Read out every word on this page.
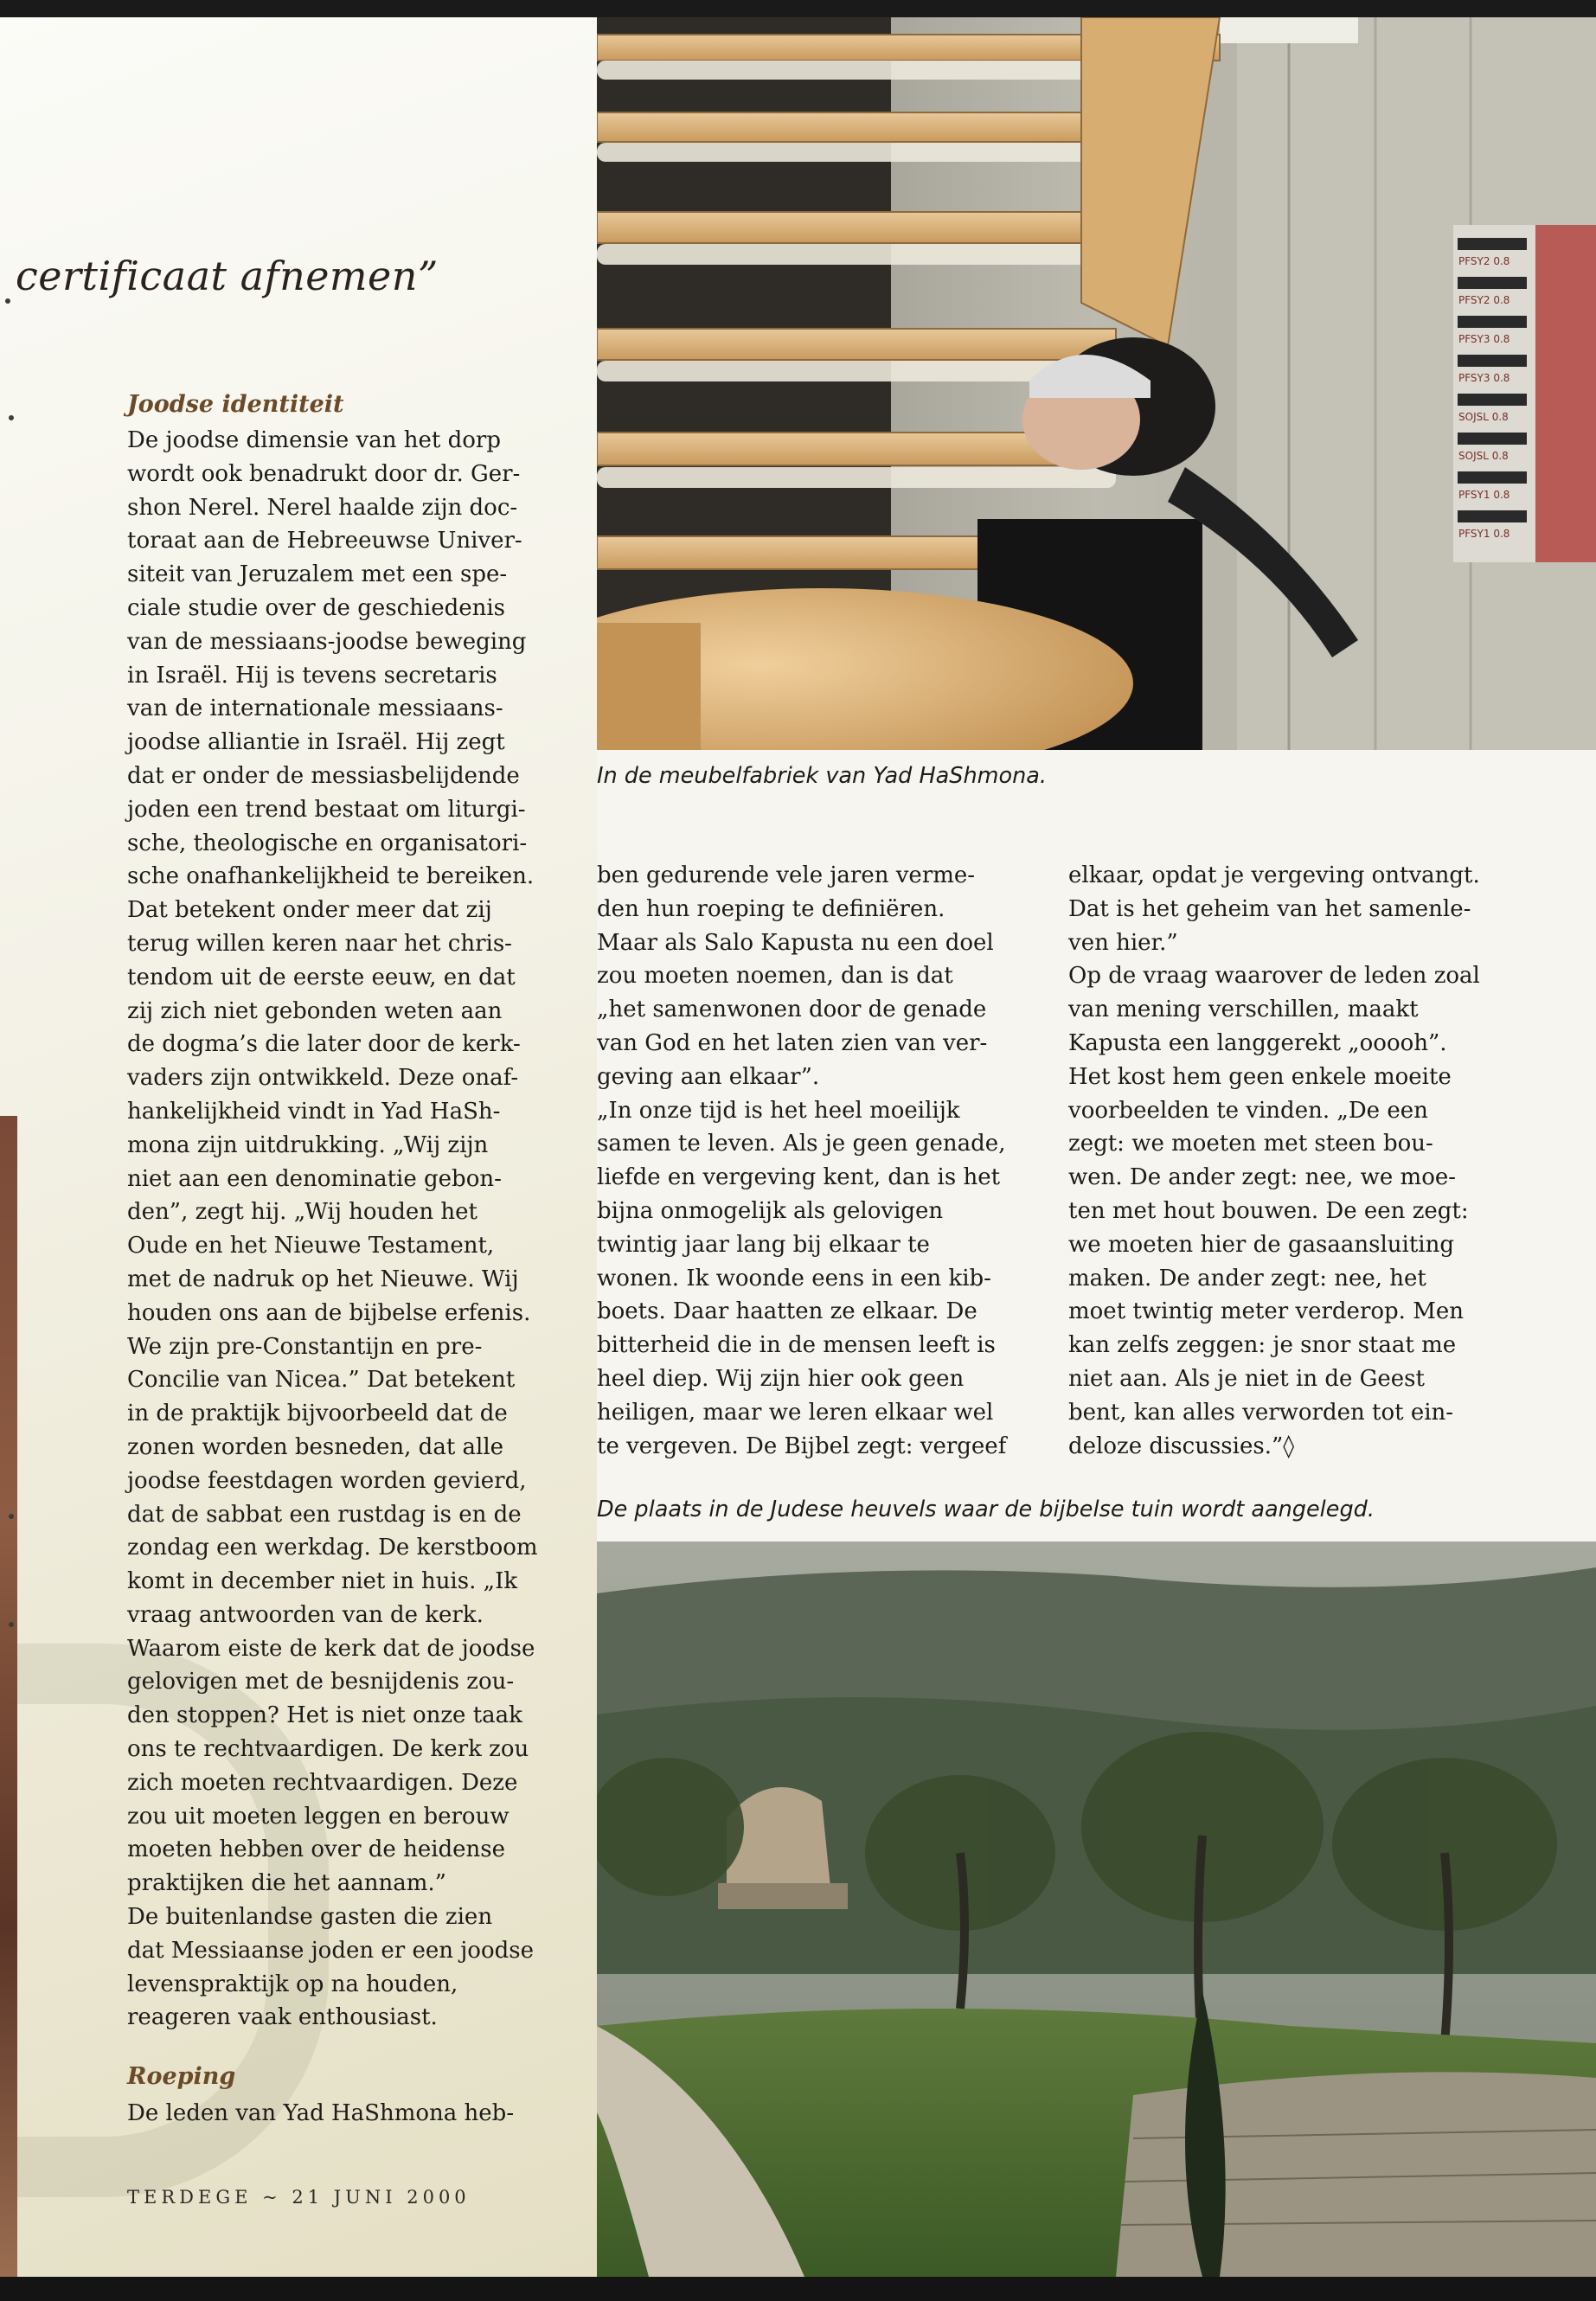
certificaat afnemen”
Joodse identiteit
De joodse dimensie van het dorp
wordt ook benadrukt door dr. Ger-
shon Nerel. Nerel haalde zijn doc-
toraat aan de Hebreeuwse Univer-
siteit van Jeruzalem met een spe-
ciale studie over de geschiedenis
van de messiaans-joodse beweging
in Israël. Hij is tevens secretaris
van de internationale messiaans-
joodse alliantie in Israël. Hij zegt
dat er onder de messiasbelijdende
joden een trend bestaat om liturgi-
sche, theologische en organisatori-
sche onafhankelijkheid te bereiken.
Dat betekent onder meer dat zij
terug willen keren naar het chris-
tendom uit de eerste eeuw, en dat
zij zich niet gebonden weten aan
de dogma’s die later door de kerk-
vaders zijn ontwikkeld. Deze onaf-
hankelijkheid vindt in Yad HaSh-
mona zijn uitdrukking. „Wij zijn
niet aan een denominatie gebon-
den”, zegt hij. „Wij houden het
Oude en het Nieuwe Testament,
met de nadruk op het Nieuwe. Wij
houden ons aan de bijbelse erfenis.
We zijn pre-Constantijn en pre-
Concilie van Nicea.” Dat betekent
in de praktijk bijvoorbeeld dat de
zonen worden besneden, dat alle
joodse feestdagen worden gevierd,
dat de sabbat een rustdag is en de
zondag een werkdag. De kerstboom
komt in december niet in huis. „Ik
vraag antwoorden van de kerk.
Waarom eiste de kerk dat de joodse
gelovigen met de besnijdenis zou-
den stoppen? Het is niet onze taak
ons te rechtvaardigen. De kerk zou
zich moeten rechtvaardigen. Deze
zou uit moeten leggen en berouw
moeten hebben over de heidense
praktijken die het aannam.”
De buitenlandse gasten die zien
dat Messiaanse joden er een joodse
levenspraktijk op na houden,
reageren vaak enthousiast.
Roeping
De leden van Yad HaShmona heb-
PFSY2 0.8
PFSY2 0.8
PFSY3 0.8
PFSY3 0.8
SOJSL 0.8
SOJSL 0.8
PFSY1 0.8
PFSY1 0.8
In de meubelfabriek van Yad HaShmona.
ben gedurende vele jaren verme-
den hun roeping te definiëren.
Maar als Salo Kapusta nu een doel
zou moeten noemen, dan is dat
„het samenwonen door de genade
van God en het laten zien van ver-
geving aan elkaar”.
„In onze tijd is het heel moeilijk
samen te leven. Als je geen genade,
liefde en vergeving kent, dan is het
bijna onmogelijk als gelovigen
twintig jaar lang bij elkaar te
wonen. Ik woonde eens in een kib-
boets. Daar haatten ze elkaar. De
bitterheid die in de mensen leeft is
heel diep. Wij zijn hier ook geen
heiligen, maar we leren elkaar wel
te vergeven. De Bijbel zegt: vergeef
elkaar, opdat je vergeving ontvangt.
Dat is het geheim van het samenle-
ven hier.”
Op de vraag waarover de leden zoal
van mening verschillen, maakt
Kapusta een langgerekt „ooooh”.
Het kost hem geen enkele moeite
voorbeelden te vinden. „De een
zegt: we moeten met steen bou-
wen. De ander zegt: nee, we moe-
ten met hout bouwen. De een zegt:
we moeten hier de gasaansluiting
maken. De ander zegt: nee, het
moet twintig meter verderop. Men
kan zelfs zeggen: je snor staat me
niet aan. Als je niet in de Geest
bent, kan alles verworden tot ein-
deloze discussies.”◊
De plaats in de Judese heuvels waar de bijbelse tuin wordt aangelegd.
TERDEGE ~ 21 JUNI 2000
